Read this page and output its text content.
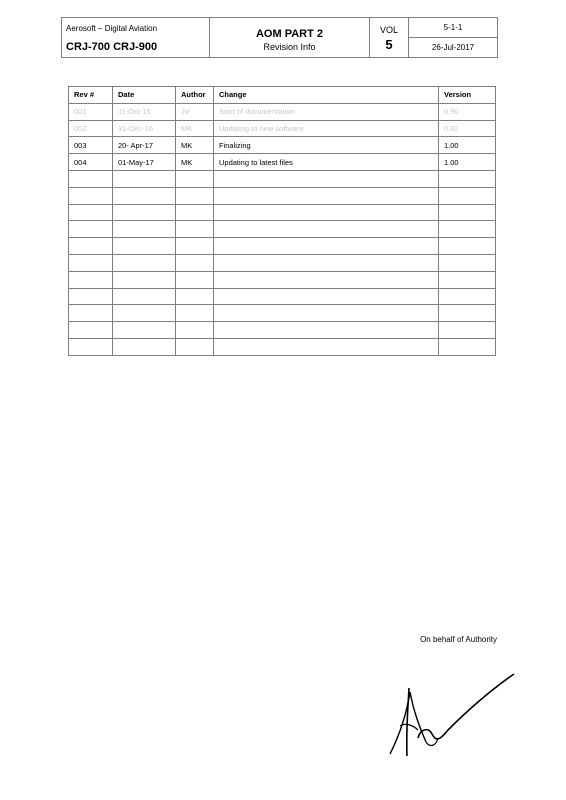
Aerosoft – Digital Aviation
CRJ-700 CRJ-900

AOM PART 2
Revision Info

VOL
5

5-1-1
26-Jul-2017
Rev #	Date	Author	Change	Version
001	11-Oct-15	JV	Start of documentation	0.90
002	31-Dec-16	MK	Updating to new software	0.92
003	20- Apr-17	MK	Finalizing	1.00
004	01-May-17	MK	Updating to latest files	1.00

On behalf of Authority
